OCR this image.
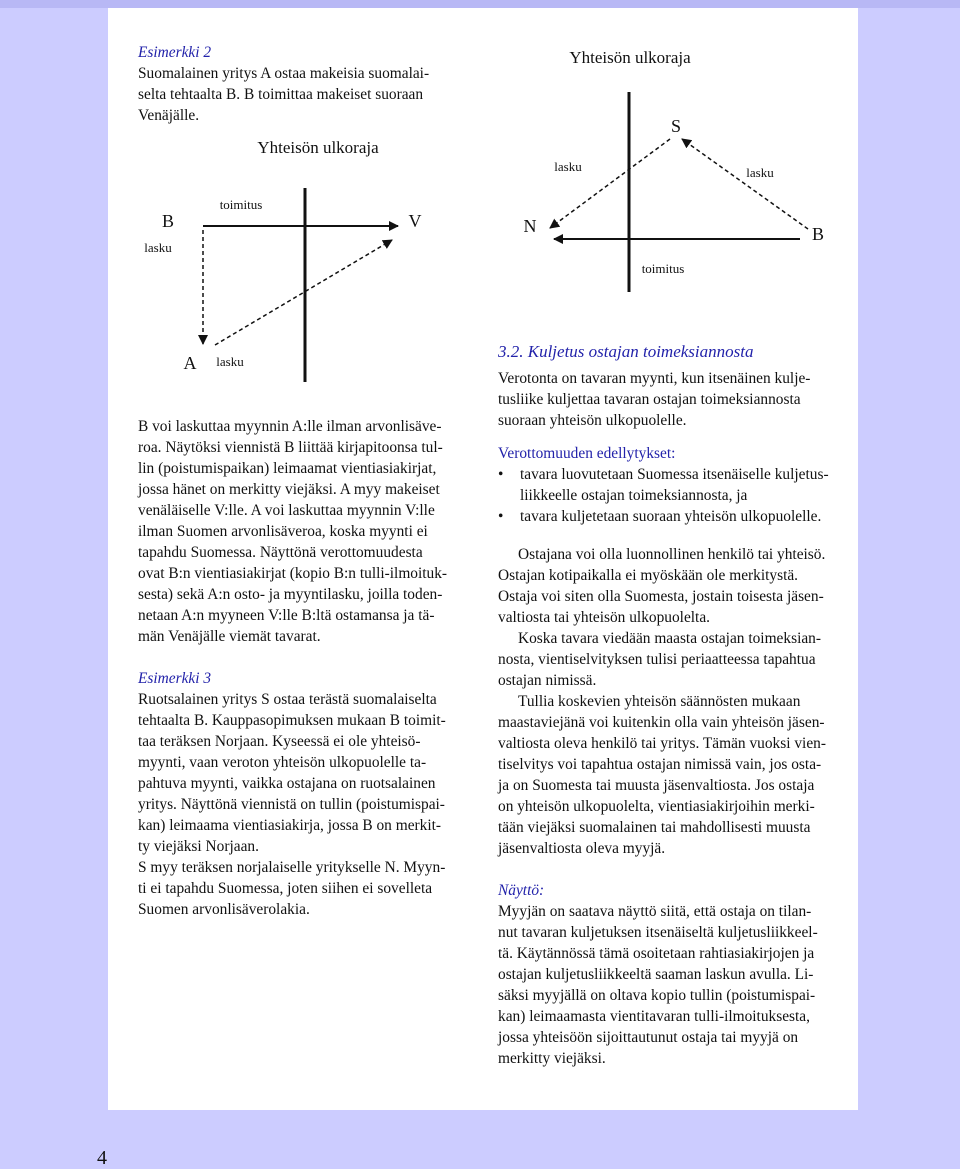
4
Yhteisön ulkoraja
B	V
A
toimitus
lasku
lasku
Yhteisön ulkoraja
S
N	B
lasku	lasku
toimitus

Esimerkki 2

Suomalainen yritys A ostaa makeisia suomalai-

selta tehtaalta B. B toimittaa makeiset suoraan

Venäjälle.

B voi laskuttaa myynnin A:lle ilman arvonlisäve-

roa. Näytöksi viennistä B liittää kirjapitoonsa tul-

lin (poistumispaikan) leimaamat vientiasiakirjat,

jossa hänet on merkitty viejäksi. A myy makeiset

venäläiselle V:lle. A voi laskuttaa myynnin V:lle

ilman Suomen arvonlisäveroa, koska myynti ei

tapahdu Suomessa. Näyttönä verottomuudesta

ovat B:n vientiasiakirjat (kopio B:n tulli-ilmoituk-

sesta) sekä A:n osto- ja myyntilasku, joilla toden-

netaan A:n myyneen V:lle B:ltä ostamansa ja tä-

män Venäjälle viemät tavarat.

Esimerkki 3

Ruotsalainen yritys S ostaa terästä suomalaiselta

tehtaalta B. Kauppasopimuksen mukaan B toimit-

taa teräksen Norjaan. Kyseessä ei ole yhteisö-

myynti, vaan veroton yhteisön ulkopuolelle ta-

pahtuva myynti, vaikka ostajana on ruotsalainen

yritys. Näyttönä viennistä on tullin (poistumispai-

kan) leimaama vientiasiakirja, jossa B on merkit-

ty viejäksi Norjaan.

S myy teräksen norjalaiselle yritykselle N. Myyn-

ti ei tapahdu Suomessa, joten siihen ei sovelleta

Suomen arvonlisäverolakia.

3.2. Kuljetus ostajan toimeksiannosta

Verotonta on tavaran myynti, kun itsenäinen kulje-

tusliike kuljettaa tavaran ostajan toimeksiannosta

suoraan yhteisön ulkopuolelle.

Verottomuuden edellytykset:

• tavara luovutetaan Suomessa itsenäiselle kuljetus-

liikkeelle ostajan toimeksiannosta, ja

• tavara kuljetetaan suoraan yhteisön ulkopuolelle.

Ostajana voi olla luonnollinen henkilö tai yhteisö.

Ostajan kotipaikalla ei myöskään ole merkitystä.

Ostaja voi siten olla Suomesta, jostain toisesta jäsen-

valtiosta tai yhteisön ulkopuolelta.

Koska tavara viedään maasta ostajan toimeksian-

nosta, vientiselvityksen tulisi periaatteessa tapahtua

ostajan nimissä.

Tullia koskevien yhteisön säännösten mukaan

maastaviejänä voi kuitenkin olla vain yhteisön jäsen-

valtiosta oleva henkilö tai yritys. Tämän vuoksi vien-

tiselvitys voi tapahtua ostajan nimissä vain, jos osta-

ja on Suomesta tai muusta jäsenvaltiosta. Jos ostaja

on yhteisön ulkopuolelta, vientiasiakirjoihin merki-

tään viejäksi suomalainen tai mahdollisesti muusta

jäsenvaltiosta oleva myyjä.

Näyttö:

Myyjän on saatava näyttö siitä, että ostaja on tilan-

nut tavaran kuljetuksen itsenäiseltä kuljetusliikkeel-

tä. Käytännössä tämä osoitetaan rahtiasiakirjojen ja

ostajan kuljetusliikkeeltä saaman laskun avulla. Li-

säksi myyjällä on oltava kopio tullin (poistumispai-

kan) leimaamasta vientitavaran tulli-ilmoituksesta,

jossa yhteisöön sijoittautunut ostaja tai myyjä on

merkitty viejäksi.
